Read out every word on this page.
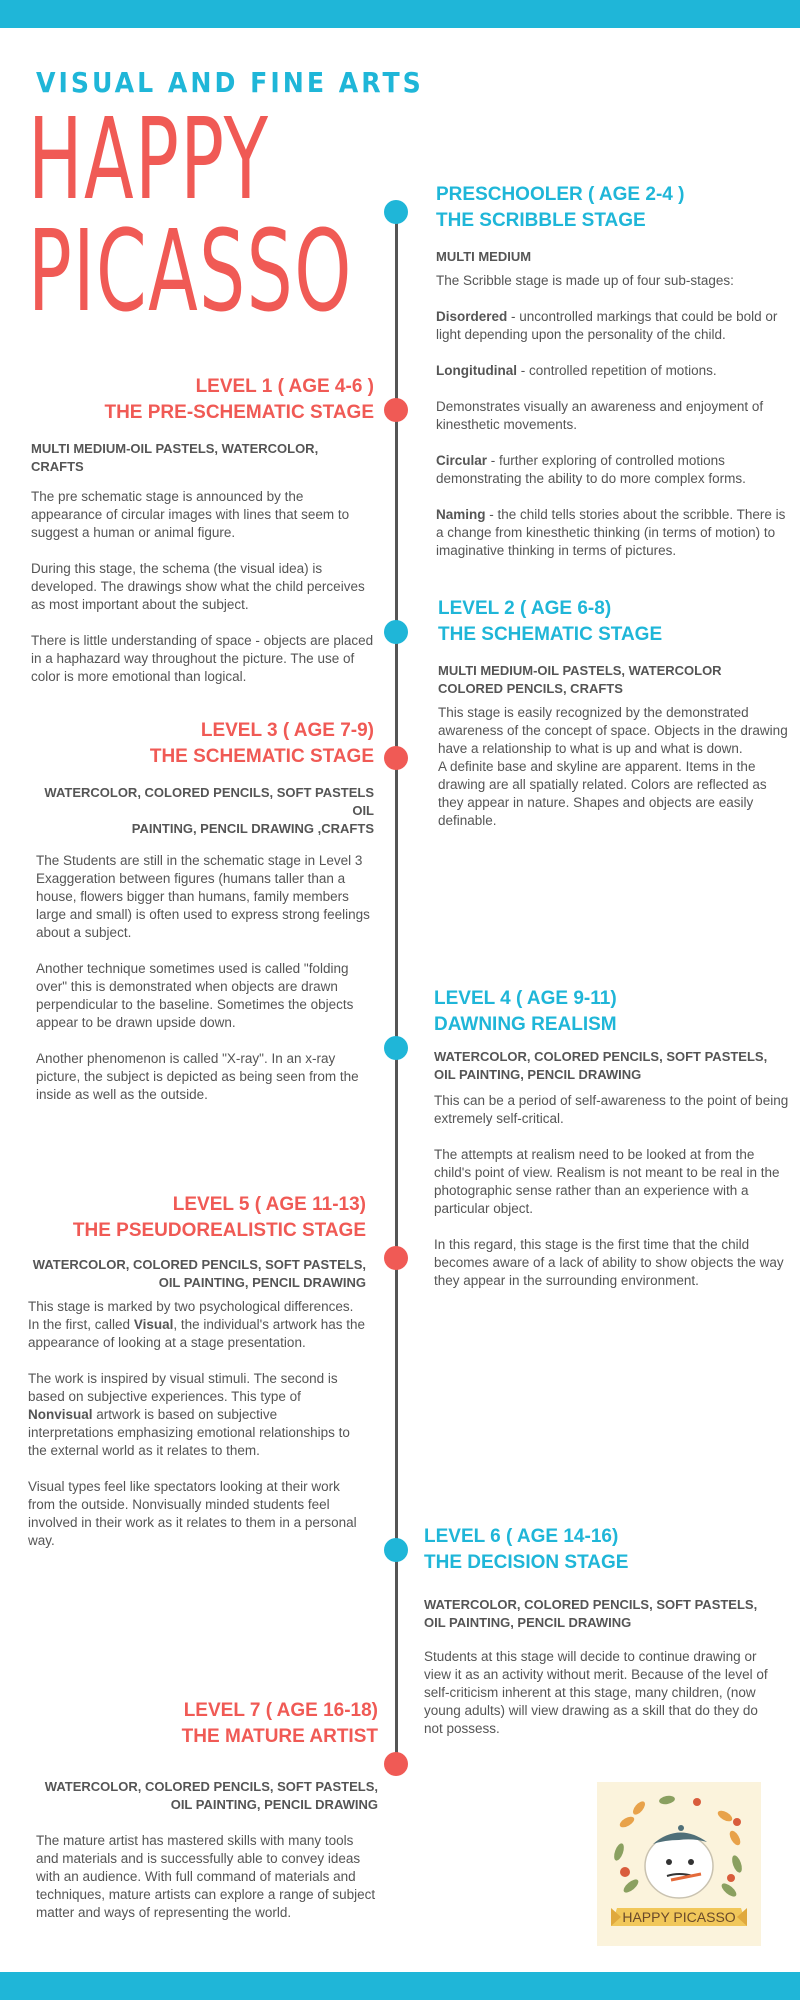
VISUAL AND FINE ARTS
HAPPY
PICASSO

PRESCHOOLER ( AGE 2-4 )

THE SCRIBBLE STAGE

MULTI MEDIUM

The Scribble stage is made up of four sub-stages:

Disordered - uncontrolled markings that could be bold or light depending upon the personality of the child.

Longitudinal - controlled repetition of motions.

Demonstrates visually an awareness and enjoyment of kinesthetic movements.

Circular - further exploring of controlled motions demonstrating the ability to do more complex forms.

Naming - the child tells stories about the scribble. There is a change from kinesthetic thinking (in terms of motion) to imaginative thinking in terms of pictures.

LEVEL 1 ( AGE 4-6 )

THE PRE-SCHEMATIC STAGE

MULTI MEDIUM-OIL PASTELS, WATERCOLOR, CRAFTS

The pre schematic stage is announced by the appearance of circular images with lines that seem to suggest a human or animal figure.

During this stage, the schema (the visual idea) is developed. The drawings show what the child perceives as most important about the subject.

There is little understanding of space - objects are placed in a haphazard way throughout the picture. The use of color is more emotional than logical.

LEVEL 2 ( AGE 6-8)

THE SCHEMATIC STAGE

MULTI MEDIUM-OIL PASTELS, WATERCOLOR

COLORED PENCILS, CRAFTS

This stage is easily recognized by the demonstrated awareness of the concept of space. Objects in the drawing have a relationship to what is up and what is down.

A definite base and skyline are apparent. Items in the drawing are all spatially related. Colors are reflected as they appear in nature. Shapes and objects are easily definable.

LEVEL 3 ( AGE 7-9)

THE SCHEMATIC STAGE

WATERCOLOR, COLORED PENCILS, SOFT PASTELS OIL

PAINTING, PENCIL DRAWING ,CRAFTS

The Students are still in the schematic stage in Level 3 Exaggeration between figures (humans taller than a house, flowers bigger than humans, family members large and small) is often used to express strong feelings about a subject.

Another technique sometimes used is called "folding over" this is demonstrated when objects are drawn perpendicular to the baseline. Sometimes the objects appear to be drawn upside down.

Another phenomenon is called "X-ray". In an x-ray picture, the subject is depicted as being seen from the inside as well as the outside.

LEVEL 4 ( AGE 9-11)

DAWNING REALISM

WATERCOLOR, COLORED PENCILS, SOFT PASTELS,

OIL PAINTING, PENCIL DRAWING

This can be a period of self-awareness to the point of being extremely self-critical.

The attempts at realism need to be looked at from the child's point of view. Realism is not meant to be real in the photographic sense rather than an experience with a particular object.

In this regard, this stage is the first time that the child becomes aware of a lack of ability to show objects the way they appear in the surrounding environment.

LEVEL 5 ( AGE 11-13)

THE PSEUDOREALISTIC STAGE

WATERCOLOR, COLORED PENCILS, SOFT PASTELS,

OIL PAINTING, PENCIL DRAWING

This stage is marked by two psychological differences. In the first, called Visual, the individual's artwork has the appearance of looking at a stage presentation.

The work is inspired by visual stimuli. The second is based on subjective experiences. This type of Nonvisual artwork is based on subjective interpretations emphasizing emotional relationships to the external world as it relates to them.

Visual types feel like spectators looking at their work from the outside. Nonvisually minded students feel involved in their work as it relates to them in a personal way.	LEVEL 6 ( AGE 14-16)

THE DECISION STAGE

WATERCOLOR, COLORED PENCILS, SOFT PASTELS,

OIL PAINTING, PENCIL DRAWING

Students at this stage will decide to continue drawing or view it as an activity without merit. Because of the level of self-criticism inherent at this stage, many children, (now young adults) will view drawing as a skill that do they do not possess.

LEVEL 7 ( AGE 16-18)

THE MATURE ARTIST

WATERCOLOR, COLORED PENCILS, SOFT PASTELS,

OIL PAINTING, PENCIL DRAWING

The mature artist has mastered skills with many tools and materials and is successfully able to convey ideas with an audience. With full command of materials and techniques, mature artists can explore a range of subject matter and ways of representing the world.	HAPPY PICASSO
